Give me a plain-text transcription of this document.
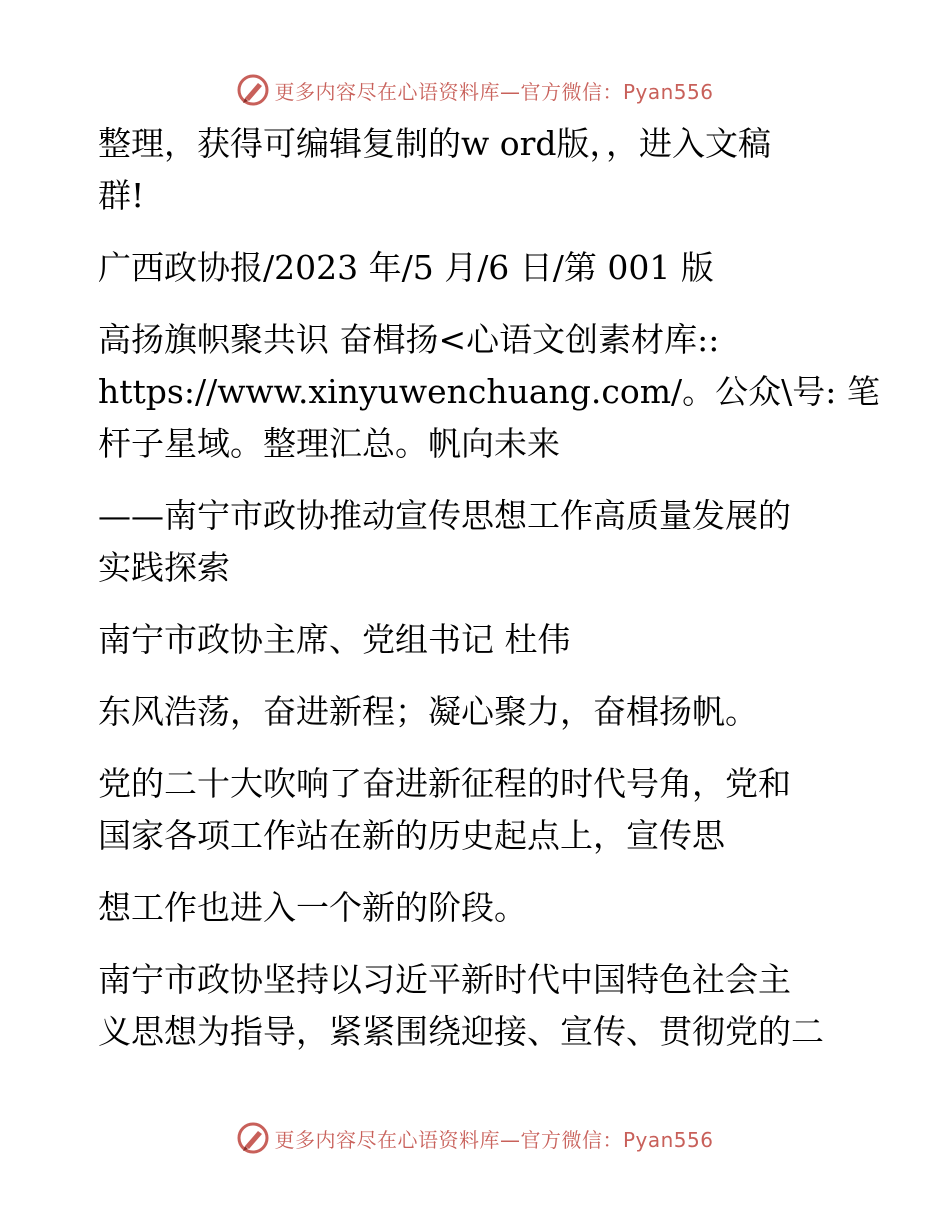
更多内容尽在心语资料库—官方微信：Pyan556

整理，获得可编辑复制的w ord版，，进入文稿

群!

广西政协报/2023 年/5 月/6 日/第 001 版

高扬旗帜聚共识 奋楫扬<心语文创素材库::

https://www.xinyuwenchuang.com/。公众\号: 笔

杆子星域。整理汇总。帆向未来

——南宁市政协推动宣传思想工作高质量发展的

实践探索

南宁市政协主席、党组书记 杜伟

东风浩荡，奋进新程；凝心聚力，奋楫扬帆。

党的二十大吹响了奋进新征程的时代号角，党和

国家各项工作站在新的历史起点上，宣传思

想工作也进入一个新的阶段。

南宁市政协坚持以习近平新时代中国特色社会主

义思想为指导，紧紧围绕迎接、宣传、贯彻党的二

更多内容尽在心语资料库—官方微信：Pyan556
